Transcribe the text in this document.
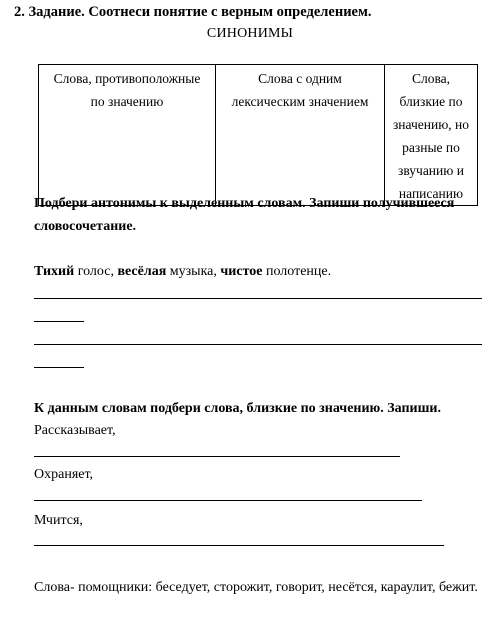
2. Задание. Соотнеси понятие с верным определением.
СИНОНИМЫ
Слова, противоположные по значению	Слова с одним лексическим значением	Слова, близкие по значению, но разные по звучанию и написанию
Подбери антонимы к выделенным словам. Запиши получившееся словосочетание.
Тихий голос, весёлая музыка, чистое полотенце.
К данным словам подбери слова, близкие по значению. Запиши.
Рассказывает,
Охраняет,
Мчится,
Слова- помощники: беседует, сторожит, говорит, несётся, караулит, бежит.
